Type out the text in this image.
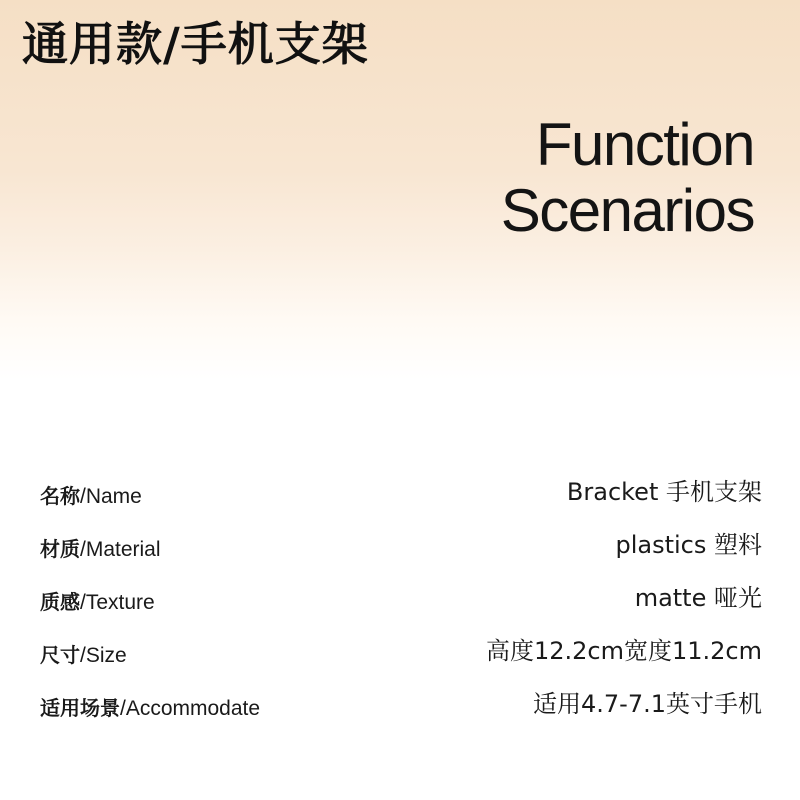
通用款/手机支架
Function
Scenarios
名称/Name	Bracket 手机支架
材质/Material	plastics 塑料
质感/Texture	matte 哑光
尺寸/Size	高度12.2cm宽度11.2cm
适用场景/Accommodate	适用4.7-7.1英寸手机
